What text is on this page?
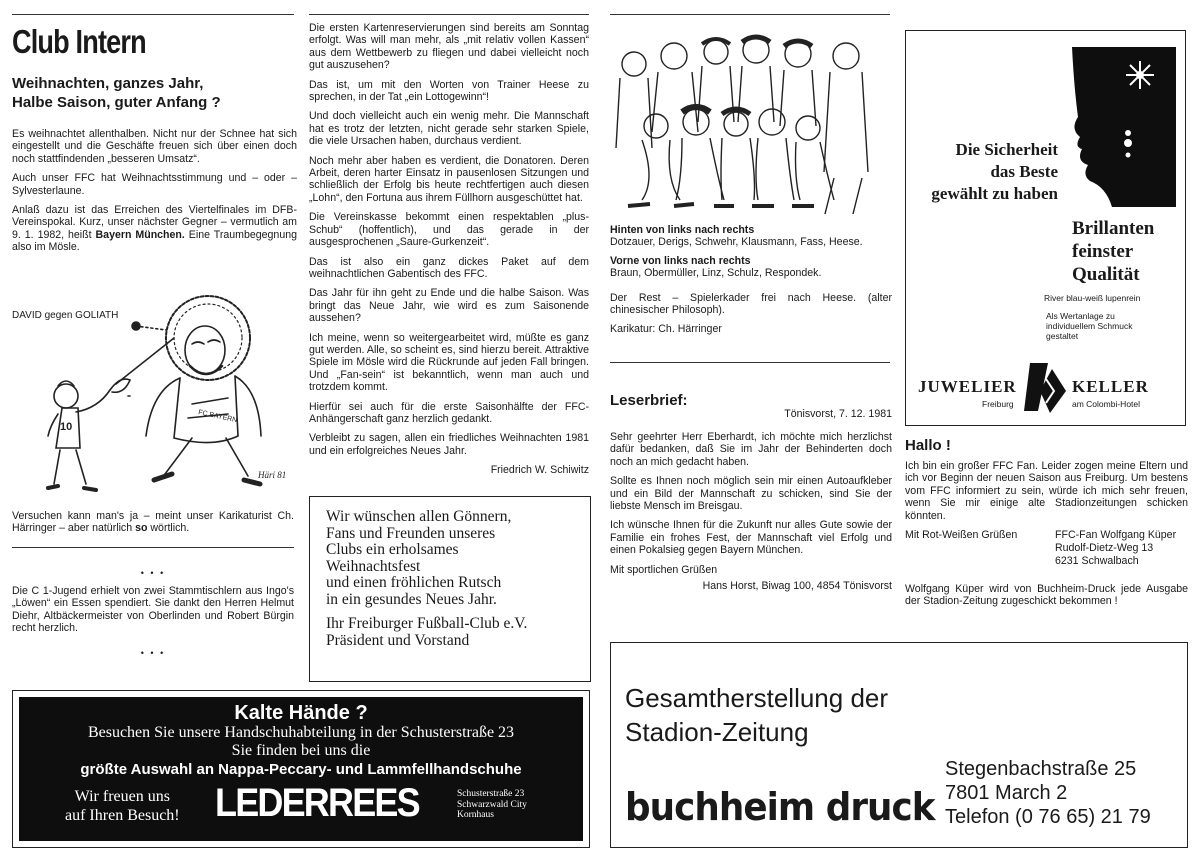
Club Intern
Weihnachten, ganzes Jahr,
Halbe Saison, guter Anfang ?

Es weihnachtet allenthalben. Nicht nur der Schnee hat sich eingestellt und die Geschäfte freuen sich über einen doch noch stattfindenden „besseren Umsatz“.

Auch unser FFC hat Weihnachtsstimmung und – oder – Sylvesterlaune.

Anlaß dazu ist das Erreichen des Viertelfinales im DFB-Vereinspokal. Kurz, unser nächster Gegner – vermutlich am 9. 1. 1982, heißt Bayern München. Eine Traumbegegnung also im Mösle.

DAVID gegen GOLIATH
10
FC BAYERN
Häri 81

Versuchen kann man's ja – meint unser Karikaturist Ch. Härringer – aber natürlich so wörtlich.

• • •

Die C 1-Jugend erhielt von zwei Stammtischlern aus Ingo's „Löwen“ ein Essen spendiert. Sie dankt den Herren Helmut Diehr, Altbäckermeister von Oberlinden und Robert Bürgin recht herzlich.

• • •

Die ersten Kartenreservierungen sind bereits am Sonntag erfolgt. Was will man mehr, als „mit relativ vollen Kassen“ aus dem Wettbewerb zu fliegen und dabei vielleicht noch gut auszusehen?

Das ist, um mit den Worten von Trainer Heese zu sprechen, in der Tat „ein Lottogewinn“!

Und doch vielleicht auch ein wenig mehr. Die Mannschaft hat es trotz der letzten, nicht gerade sehr starken Spiele, die viele Ursachen haben, durchaus verdient.

Noch mehr aber haben es verdient, die Donatoren. Deren Arbeit, deren harter Einsatz in pausenlosen Sitzungen und schließlich der Erfolg bis heute rechtfertigen auch diesen „Lohn“, den Fortuna aus ihrem Füllhorn ausgeschüttet hat.

Die Vereinskasse bekommt einen respektablen „plus-Schub“ (hoffentlich), und das gerade in der ausgesprochenen „Saure-Gurkenzeit“.

Das ist also ein ganz dickes Paket auf dem weihnachtlichen Gabentisch des FFC.

Das Jahr für ihn geht zu Ende und die halbe Saison. Was bringt das Neue Jahr, wie wird es zum Saisonende aussehen?

Ich meine, wenn so weitergearbeitet wird, müßte es ganz gut werden. Alle, so scheint es, sind hierzu bereit. Attraktive Spiele im Mösle wird die Rückrunde auf jeden Fall bringen. Und „Fan-sein“ ist bekanntlich, wenn man auch und trotzdem kommt.

Hierfür sei auch für die erste Saisonhälfte der FFC-Anhängerschaft ganz herzlich gedankt.

Verbleibt zu sagen, allen ein friedliches Weihnachten 1981 und ein erfolgreiches Neues Jahr.

Friedrich W. Schiwitz
Wir wünschen allen Gönnern,
Fans und Freunden unseres
Clubs ein erholsames
Weihnachtsfest
und einen fröhlichen Rutsch
in ein gesundes Neues Jahr.
Ihr Freiburger Fußball-Club e.V.
Präsident und Vorstand
Kalte Hände ?
Besuchen Sie unsere Handschuhabteilung in der Schusterstraße 23
Sie finden bei uns die
größte Auswahl an Nappa-Peccary- und Lammfellhandschuhe
Wir freuen uns
auf Ihren Besuch! LEDERREES	Schusterstraße 23
Schwarzwald City
Kornhaus
Hinten von links nach rechts
Dotzauer, Derigs, Schwehr, Klausmann, Fass, Heese.
Vorne von links nach rechts
Braun, Obermüller, Linz, Schulz, Respondek.

Der Rest – Spielerkader frei nach Heese. (alter chinesischer Philosoph).

Karikatur: Ch. Härringer

Leserbrief:
Tönisvorst, 7. 12. 1981

Sehr geehrter Herr Eberhardt, ich möchte mich herzlichst dafür bedanken, daß Sie im Jahr der Behinderten doch noch an mich gedacht haben.

Sollte es Ihnen noch möglich sein mir einen Autoaufkleber und ein Bild der Mannschaft zu schicken, sind Sie der liebste Mensch im Breisgau.

Ich wünsche Ihnen für die Zukunft nur alles Gute sowie der Familie ein frohes Fest, der Mannschaft viel Erfolg und einen Pokalsieg gegen Bayern München.

Mit sportlichen Grüßen

Hans Horst, Biwag 100, 4854 Tönisvorst
Die Sicherheit
das Beste
gewählt zu haben
Brillanten
feinster
Qualität
River blau-weiß lupenrein
Als Wertanlage zu
individuellem Schmuck
gestaltet
JUWELIER	KELLER
Freiburg	am Colombi-Hotel
Hallo !

Ich bin ein großer FFC Fan. Leider zogen meine Eltern und ich vor Beginn der neuen Saison aus Freiburg. Um bestens vom FFC informiert zu sein, würde ich mich sehr freuen, wenn Sie mir einige alte Stadionzeitungen schicken könnten.

Mit Rot-Weißen Grüßen	FFC-Fan Wolfgang Küper
Rudolf-Dietz-Weg 13
6231 Schwalbach

Wolfgang Küper wird von Buchheim-Druck jede Ausgabe der Stadion-Zeitung zugeschickt bekommen !

Gesamtherstellung der
Stadion-Zeitung
buchheim druck
Stegenbachstraße 25
7801 March 2
Telefon (0 76 65) 21 79
